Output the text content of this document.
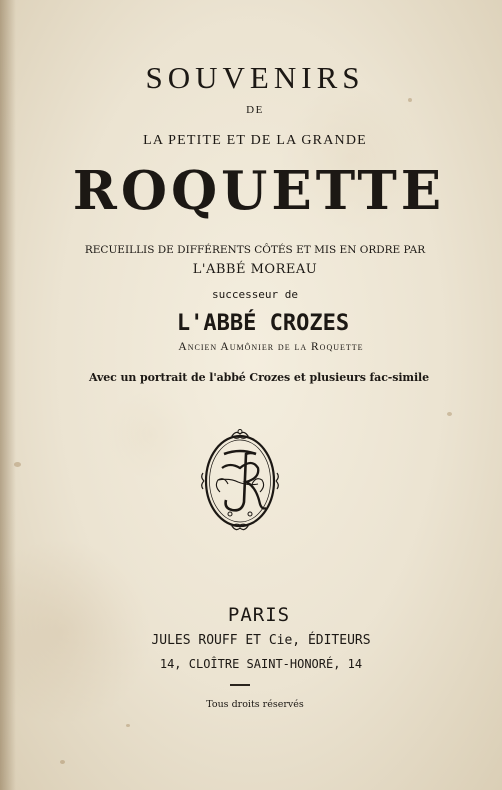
SOUVENIRS
DE
LA PETITE ET DE LA GRANDE
ROQUETTE
RECUEILLIS DE DIFFÉRENTS CÔTÉS ET MIS EN ORDRE PAR
L'ABBÉ MOREAU
successeur de
L'ABBÉ CROZES
Ancien Aumônier de la Roquette
Avec un portrait de l'abbé Crozes et plusieurs fac-simile
PARIS
JULES ROUFF ET Cie, ÉDITEURS
14, CLOÎTRE SAINT-HONORÉ, 14
Tous droits réservés
